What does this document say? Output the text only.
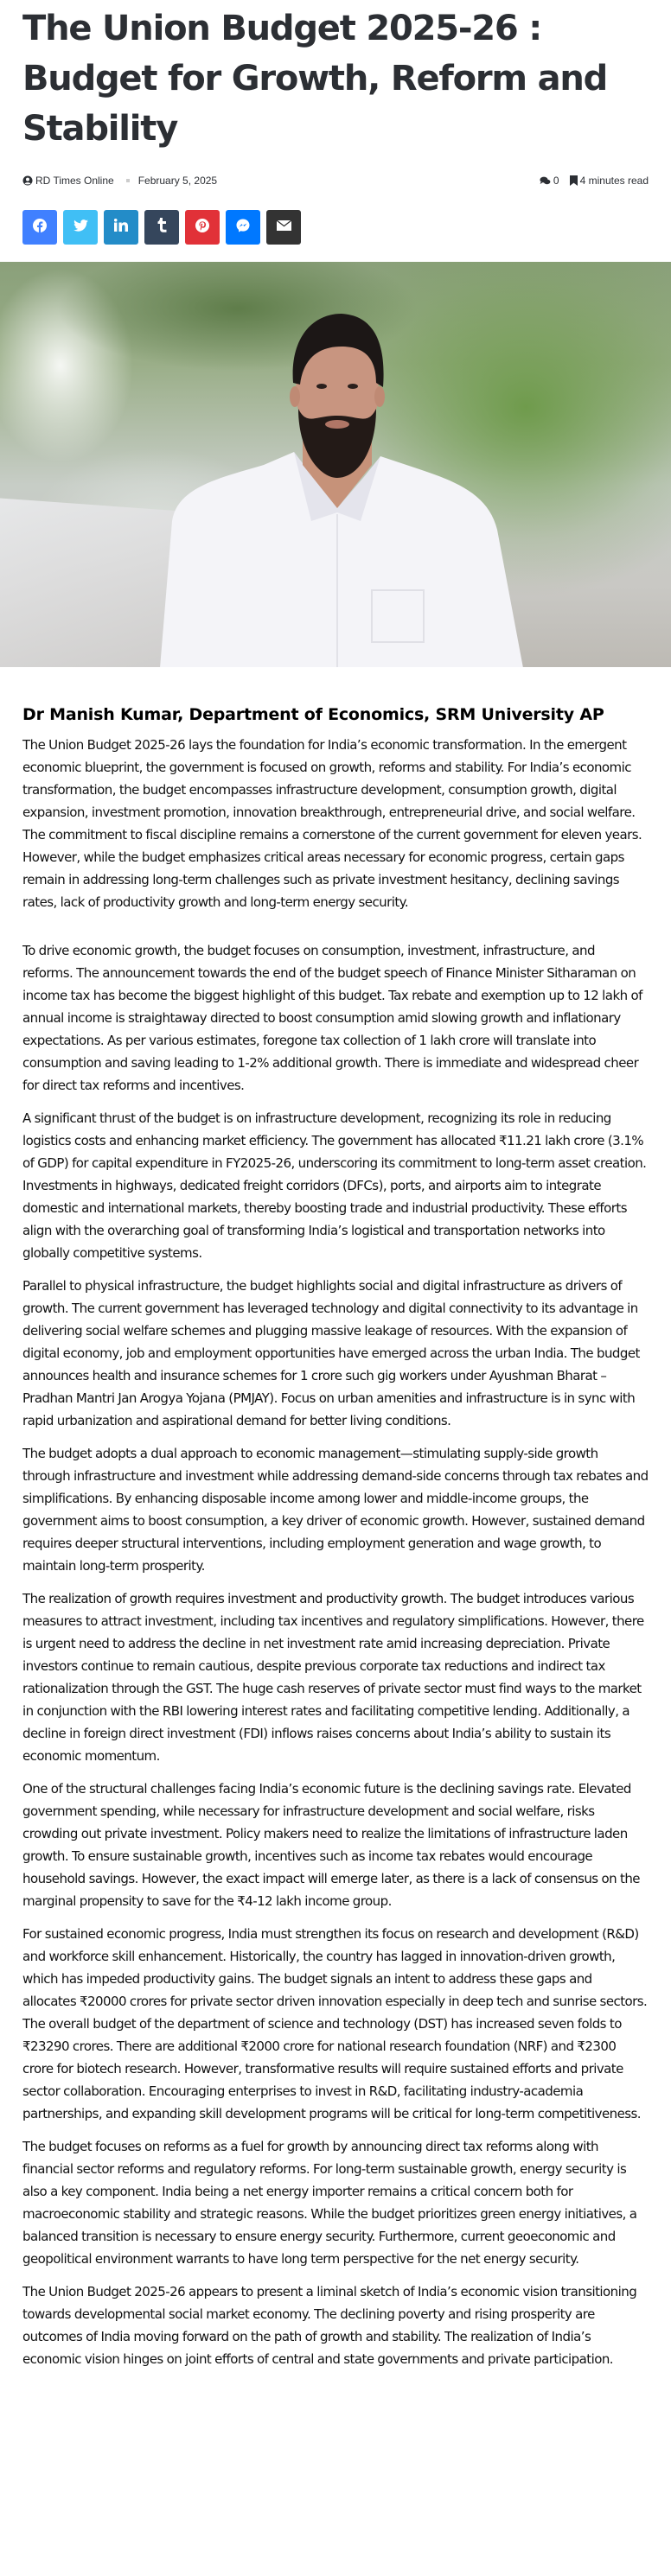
The Union Budget 2025-26 : Budget for Growth, Reform and Stability
RD Times Online February 5, 2025	0 4 minutes read
Dr Manish Kumar, Department of Economics, SRM University AP

The Union Budget 2025-26 lays the foundation for India’s economic transformation. In the emergent economic blueprint, the government is focused on growth, reforms and stability. For India’s economic transformation, the budget encompasses infrastructure development, consumption growth, digital expansion, investment promotion, innovation breakthrough, entrepreneurial drive, and social welfare. The commitment to fiscal discipline remains a cornerstone of the current government for eleven years. However, while the budget emphasizes critical areas necessary for economic progress, certain gaps remain in addressing long-term challenges such as private investment hesitancy, declining savings rates, lack of productivity growth and long-term energy security.

To drive economic growth, the budget focuses on consumption, investment, infrastructure, and reforms. The announcement towards the end of the budget speech of Finance Minister Sitharaman on income tax has become the biggest highlight of this budget. Tax rebate and exemption up to 12 lakh of annual income is straightaway directed to boost consumption amid slowing growth and inflationary expectations. As per various estimates, foregone tax collection of 1 lakh crore will translate into consumption and saving leading to 1-2% additional growth. There is immediate and widespread cheer for direct tax reforms and incentives.

A significant thrust of the budget is on infrastructure development, recognizing its role in reducing logistics costs and enhancing market efficiency. The government has allocated ₹11.21 lakh crore (3.1% of GDP) for capital expenditure in FY2025-26, underscoring its commitment to long-term asset creation. Investments in highways, dedicated freight corridors (DFCs), ports, and airports aim to integrate domestic and international markets, thereby boosting trade and industrial productivity. These efforts align with the overarching goal of transforming India’s logistical and transportation networks into globally competitive systems.

Parallel to physical infrastructure, the budget highlights social and digital infrastructure as drivers of growth. The current government has leveraged technology and digital connectivity to its advantage in delivering social welfare schemes and plugging massive leakage of resources. With the expansion of digital economy, job and employment opportunities have emerged across the urban India. The budget announces health and insurance schemes for 1 crore such gig workers under Ayushman Bharat – Pradhan Mantri Jan Arogya Yojana (PMJAY). Focus on urban amenities and infrastructure is in sync with rapid urbanization and aspirational demand for better living conditions.

The budget adopts a dual approach to economic management—stimulating supply-side growth through infrastructure and investment while addressing demand-side concerns through tax rebates and simplifications. By enhancing disposable income among lower and middle-income groups, the government aims to boost consumption, a key driver of economic growth. However, sustained demand requires deeper structural interventions, including employment generation and wage growth, to maintain long-term prosperity.

The realization of growth requires investment and productivity growth. The budget introduces various measures to attract investment, including tax incentives and regulatory simplifications. However, there is urgent need to address the decline in net investment rate amid increasing depreciation. Private investors continue to remain cautious, despite previous corporate tax reductions and indirect tax rationalization through the GST. The huge cash reserves of private sector must find ways to the market in conjunction with the RBI lowering interest rates and facilitating competitive lending. Additionally, a decline in foreign direct investment (FDI) inflows raises concerns about India’s ability to sustain its economic momentum.

One of the structural challenges facing India’s economic future is the declining savings rate. Elevated government spending, while necessary for infrastructure development and social welfare, risks crowding out private investment. Policy makers need to realize the limitations of infrastructure laden growth. To ensure sustainable growth, incentives such as income tax rebates would encourage household savings. However, the exact impact will emerge later, as there is a lack of consensus on the marginal propensity to save for the ₹4-12 lakh income group.

For sustained economic progress, India must strengthen its focus on research and development (R&D) and workforce skill enhancement. Historically, the country has lagged in innovation-driven growth, which has impeded productivity gains. The budget signals an intent to address these gaps and allocates ₹20000 crores for private sector driven innovation especially in deep tech and sunrise sectors. The overall budget of the department of science and technology (DST) has increased seven folds to ₹23290 crores. There are additional ₹2000 crore for national research foundation (NRF) and ₹2300 crore for biotech research. However, transformative results will require sustained efforts and private sector collaboration. Encouraging enterprises to invest in R&D, facilitating industry-academia partnerships, and expanding skill development programs will be critical for long-term competitiveness.

The budget focuses on reforms as a fuel for growth by announcing direct tax reforms along with financial sector reforms and regulatory reforms. For long-term sustainable growth, energy security is also a key component. India being a net energy importer remains a critical concern both for macroeconomic stability and strategic reasons. While the budget prioritizes green energy initiatives, a balanced transition is necessary to ensure energy security. Furthermore, current geoeconomic and geopolitical environment warrants to have long term perspective for the net energy security.

The Union Budget 2025-26 appears to present a liminal sketch of India’s economic vision transitioning towards developmental social market economy. The declining poverty and rising prosperity are outcomes of India moving forward on the path of growth and stability. The realization of India’s economic vision hinges on joint efforts of central and state governments and private participation.
